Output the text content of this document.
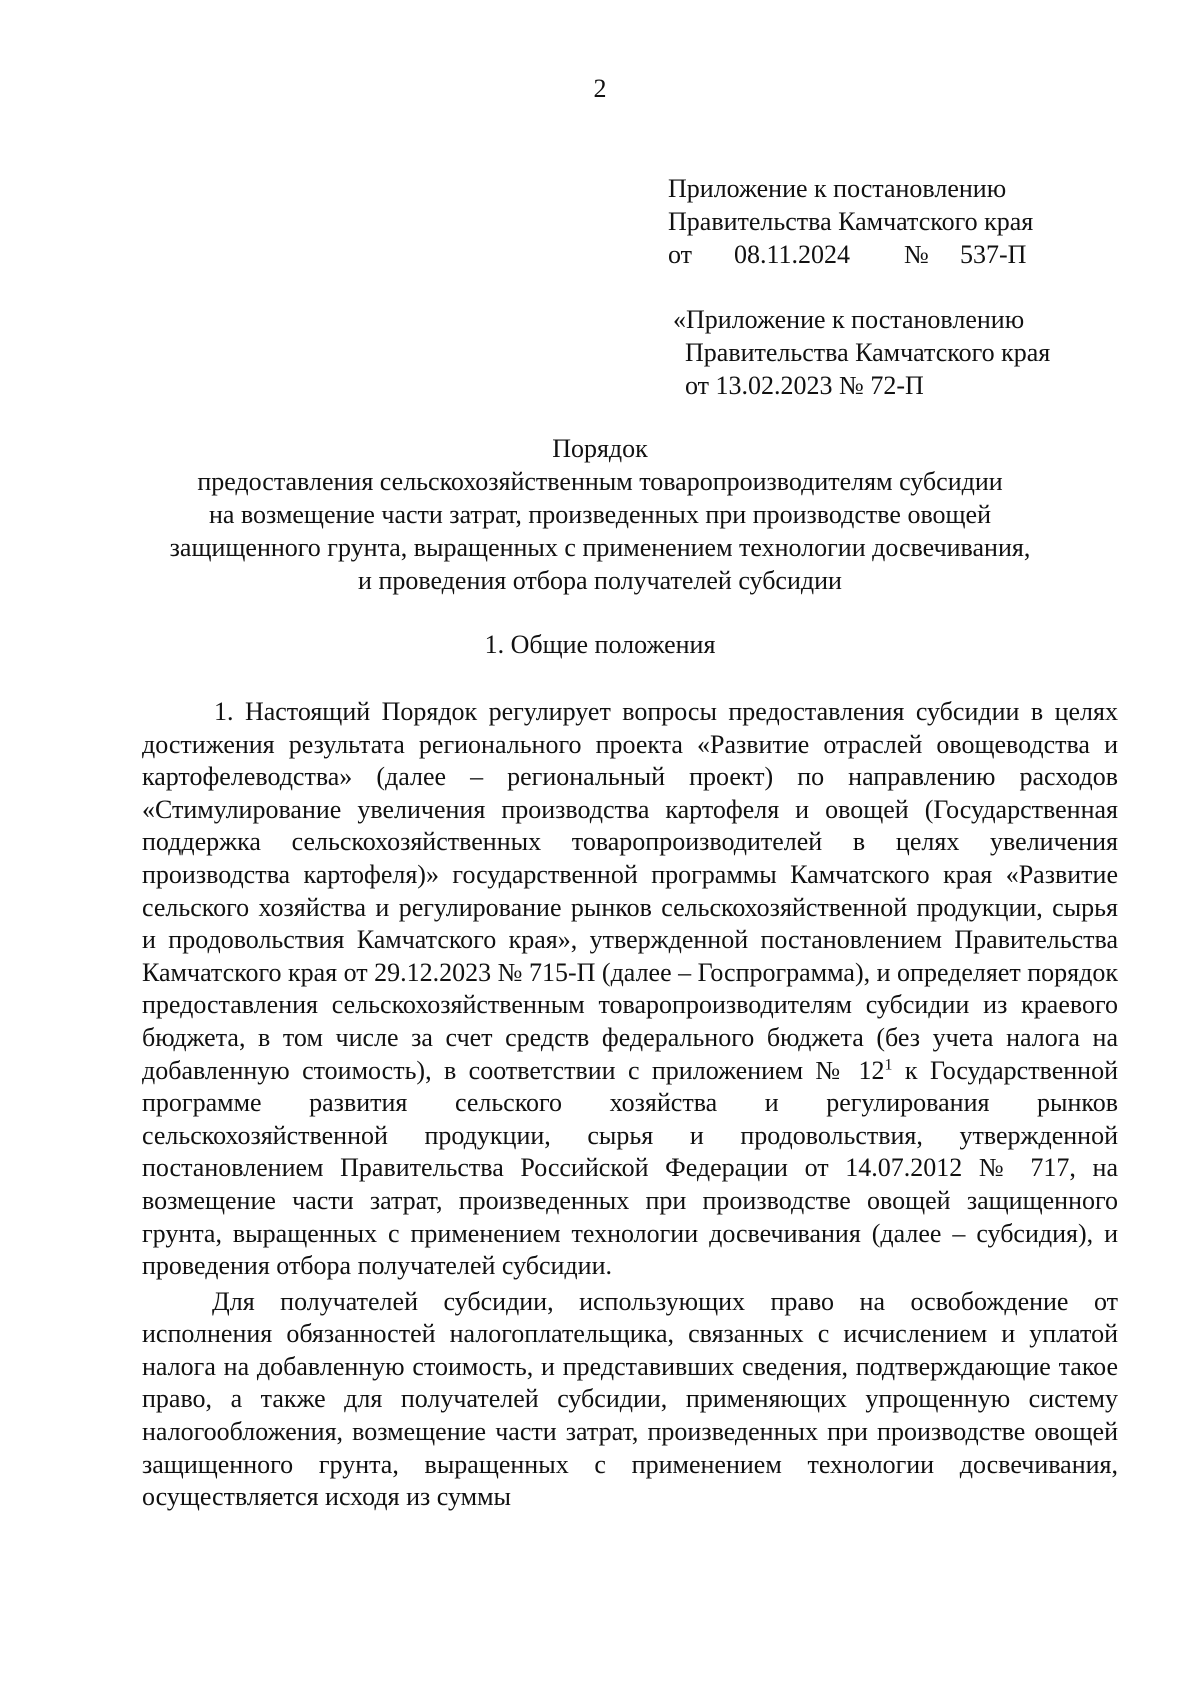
2
Приложение к постановлению
Правительства Камчатского края
от 08.11.2024 № 537-П
«Приложение к постановлению
Правительства Камчатского края
от 13.02.2023 № 72-П
Порядок
предоставления сельскохозяйственным товаропроизводителям субсидии
на возмещение части затрат, произведенных при производстве овощей
защищенного грунта, выращенных с применением технологии досвечивания,
и проведения отбора получателей субсидии
1. Общие положения

1. Настоящий Порядок регулирует вопросы предоставления субсидии в целях достижения результата регионального проекта «Развитие отраслей овощеводства и картофелеводства» (далее – региональный проект) по направлению расходов «Стимулирование увеличения производства картофеля и овощей (Государственная поддержка сельскохозяйственных товаропроизводителей в целях увеличения производства картофеля)» государственной программы Камчатского края «Развитие сельского хозяйства и регулирование рынков сельскохозяйственной продукции, сырья и продовольствия Камчатского края», утвержденной постановлением Правительства Камчатского края от 29.12.2023 № 715-П (далее – Госпрограмма), и определяет порядок предоставления сельскохозяйственным товаропроизводителям субсидии из краевого бюджета, в том числе за счет средств федерального бюджета (без учета налога на добавленную стоимость), в соответствии с приложением № $12^1$ к Государственной программе развития сельского хозяйства и регулирования рынков сельскохозяйственной продукции, сырья и продовольствия, утвержденной постановлением Правительства Российской Федерации от 14.07.2012 № 717, на возмещение части затрат, произведенных при производстве овощей защищенного грунта, выращенных с применением технологии досвечивания (далее – субсидия), и проведения отбора получателей субсидии.

Для получателей субсидии, использующих право на освобождение от исполнения обязанностей налогоплательщика, связанных с исчислением и уплатой налога на добавленную стоимость, и представивших сведения, подтверждающие такое право, а также для получателей субсидии, применяющих упрощенную систему налогообложения, возмещение части затрат, произведенных при производстве овощей защищенного грунта, выращенных с применением технологии досвечивания, осуществляется исходя из суммы
